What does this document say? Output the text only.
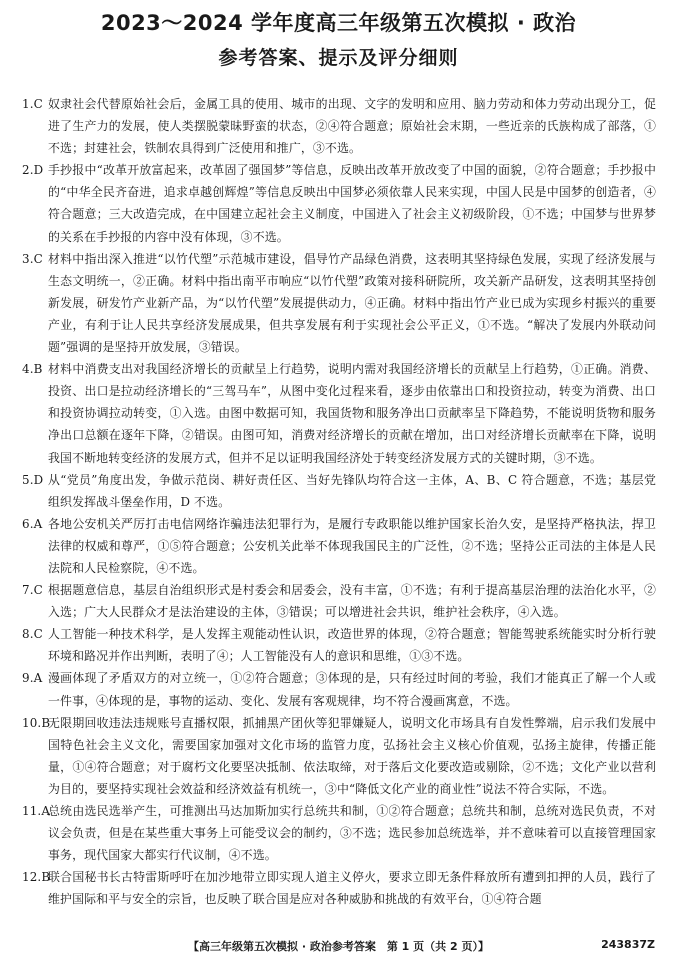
2023～2024 学年度高三年级第五次模拟 · 政治
参考答案、提示及评分细则
1.C 奴隶社会代替原始社会后，金属工具的使用、城市的出现、文字的发明和应用、脑力劳动和体力劳动出现分工，促进了生产力的发展，使人类摆脱蒙昧野蛮的状态，②④符合题意；原始社会末期，一些近亲的氏族构成了部落，①不选；封建社会，铁制农具得到广泛使用和推广，③不选。
2.D 手抄报中“改革开放富起来，改革固了强国梦”等信息，反映出改革开放改变了中国的面貌，②符合题意；手抄报中的“中华全民齐奋进，追求卓越创辉煌”等信息反映出中国梦必须依靠人民来实现，中国人民是中国梦的创造者，④符合题意；三大改造完成，在中国建立起社会主义制度，中国进入了社会主义初级阶段，①不选；中国梦与世界梦的关系在手抄报的内容中没有体现，③不选。
3.C 材料中指出深入推进“以竹代塑”示范城市建设，倡导竹产品绿色消费，这表明其坚持绿色发展，实现了经济发展与生态文明统一，②正确。材料中指出南平市响应“以竹代塑”政策对接科研院所，攻关新产品研发，这表明其坚持创新发展，研发竹产业新产品，为“以竹代塑”发展提供动力，④正确。材料中指出竹产业已成为实现乡村振兴的重要产业，有利于让人民共享经济发展成果，但共享发展有利于实现社会公平正义，①不选。“解决了发展内外联动问题”强调的是坚持开放发展，③错误。
4.B 材料中消费支出对我国经济增长的贡献呈上行趋势，说明内需对我国经济增长的贡献呈上行趋势，①正确。消费、投资、出口是拉动经济增长的“三驾马车”，从图中变化过程来看，逐步由依靠出口和投资拉动，转变为消费、出口和投资协调拉动转变，①入选。由图中数据可知，我国货物和服务净出口贡献率呈下降趋势，不能说明货物和服务净出口总额在逐年下降，②错误。由图可知，消费对经济增长的贡献在增加，出口对经济增长贡献率在下降，说明我国不断地转变经济的发展方式，但并不足以证明我国经济处于转变经济发展方式的关键时期，③不选。
5.D 从“党员”角度出发，争做示范岗、耕好责任区、当好先锋队均符合这一主体，A、B、C 符合题意，不选；基层党组织发挥战斗堡垒作用，D 不选。
6.A 各地公安机关严厉打击电信网络诈骗违法犯罪行为，是履行专政职能以维护国家长治久安，是坚持严格执法，捍卫法律的权威和尊严，①⑤符合题意；公安机关此举不体现我国民主的广泛性，②不选；坚持公正司法的主体是人民法院和人民检察院，④不选。
7.C 根据题意信息，基层自治组织形式是村委会和居委会，没有丰富，①不选；有利于提高基层治理的法治化水平，②入选；广大人民群众才是法治建设的主体，③错误；可以增进社会共识，维护社会秩序，④入选。
8.C 人工智能一种技术科学，是人发挥主观能动性认识，改造世界的体现，②符合题意；智能驾驶系统能实时分析行驶环境和路况并作出判断，表明了④；人工智能没有人的意识和思维，①③不选。
9.A 漫画体现了矛盾双方的对立统一，①②符合题意；③体现的是，只有经过时间的考验，我们才能真正了解一个人或一件事，④体现的是，事物的运动、变化、发展有客观规律，均不符合漫画寓意，不选。
10.B
无限期回收违法违规账号直播权限，抓捕黑产团伙等犯罪嫌疑人，说明文化市场具有自发性弊端，启示我们发展中国特色社会主义文化，需要国家加强对文化市场的监管力度，弘扬社会主义核心价值观，弘扬主旋律，传播正能量，①④符合题意；对于腐朽文化要坚决抵制、依法取缔，对于落后文化要改造或剔除，②不选；文化产业以营利为目的，要坚持实现社会效益和经济效益有机统一，③中“降低文化产业的商业性”说法不符合实际，不选。
11.A
总统由选民选举产生，可推测出马达加斯加实行总统共和制，①②符合题意；总统共和制，总统对选民负责，不对议会负责，但是在某些重大事务上可能受议会的制约，③不选；选民参加总统选举，并不意味着可以直接管理国家事务，现代国家大都实行代议制，④不选。
12.B
联合国秘书长古特雷斯呼吁在加沙地带立即实现人道主义停火，要求立即无条件释放所有遭到扣押的人员，践行了维护国际和平与安全的宗旨，也反映了联合国是应对各种威胁和挑战的有效平台，①④符合题
【高三年级第五次模拟 · 政治参考答案　第 1 页（共 2 页）】	243837Z
